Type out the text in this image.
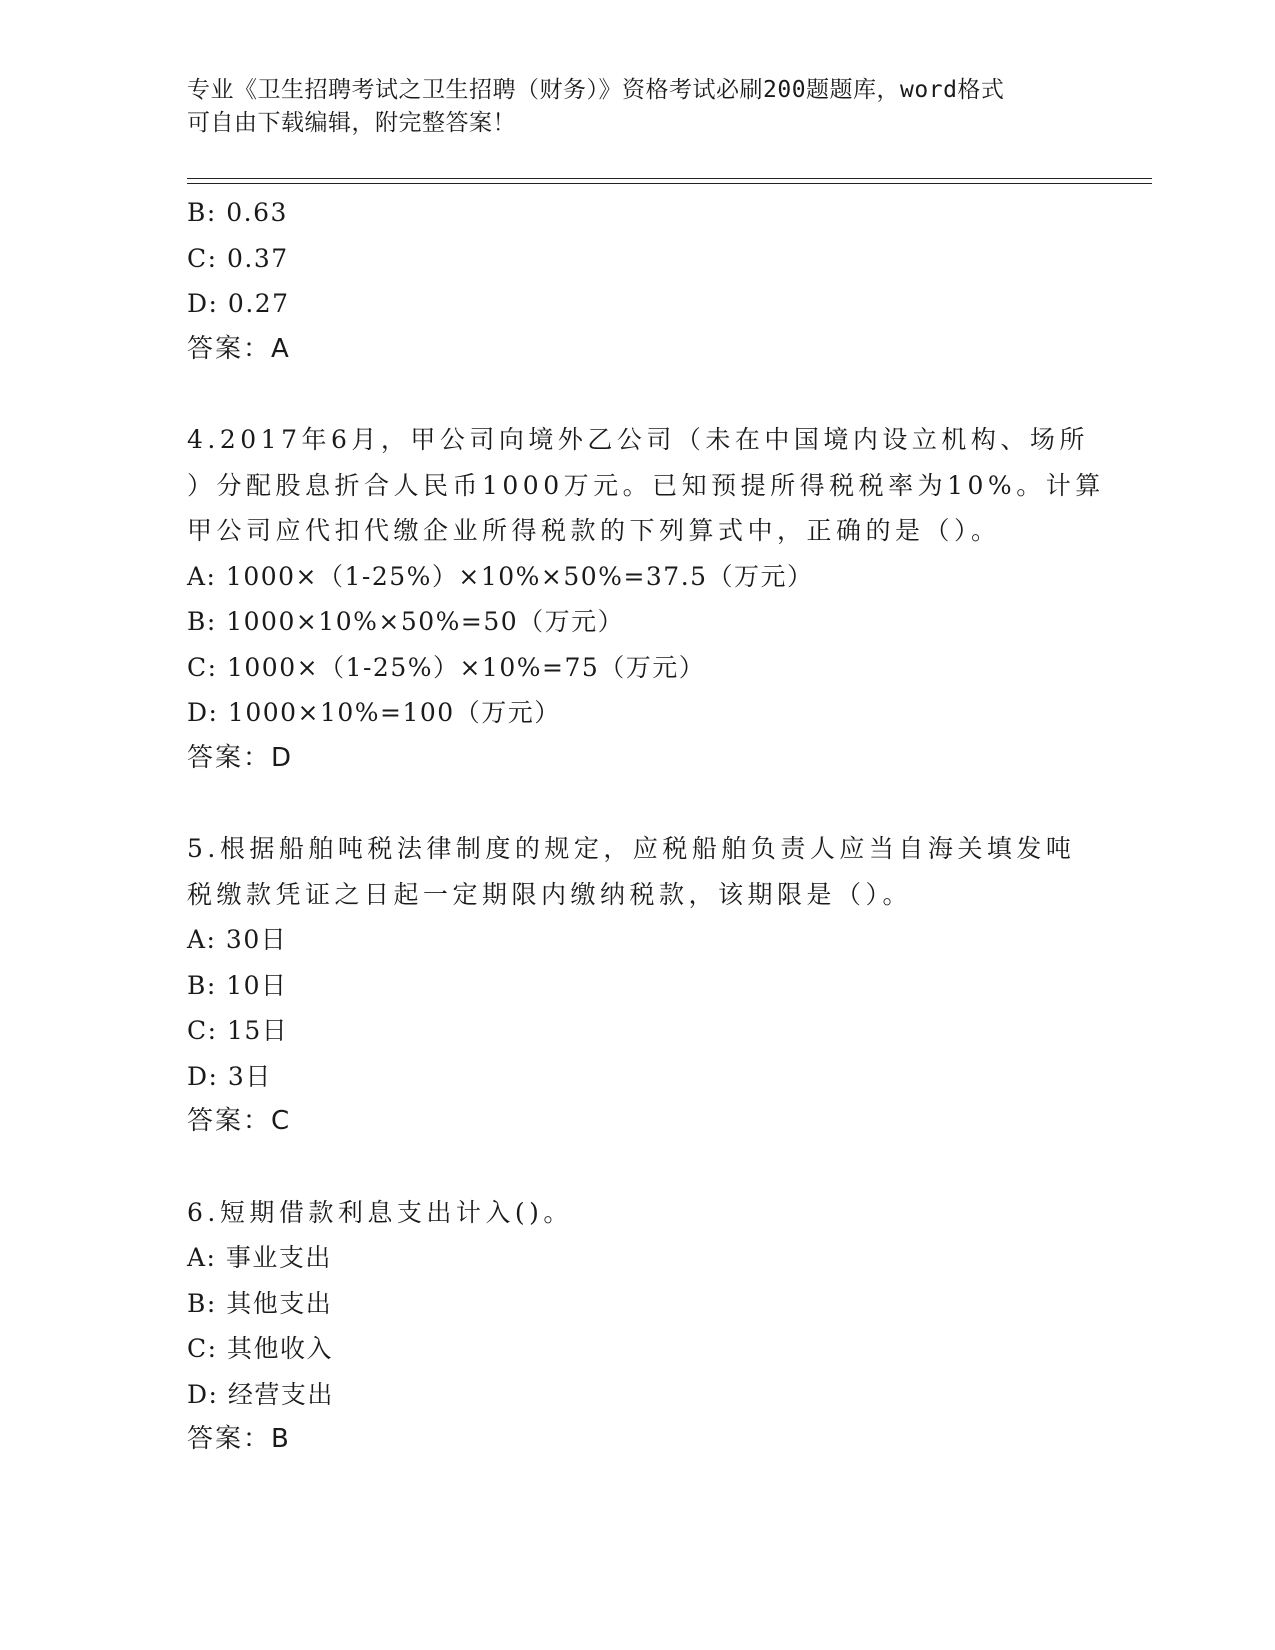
专业《卫生招聘考试之卫生招聘（财务）》资格考试必刷200题题库，word格式
可自由下载编辑，附完整答案！
B: 0.63
C: 0.37
D: 0.27
答案：A
4.2017年6月，甲公司向境外乙公司（未在中国境内设立机构、场所
）分配股息折合人民币1000万元。已知预提所得税税率为10%。计算
甲公司应代扣代缴企业所得税款的下列算式中，正确的是（）。
A: 1000×（1-25%）×10%×50%=37.5（万元）
B: 1000×10%×50%=50（万元）
C: 1000×（1-25%）×10%=75（万元）
D: 1000×10%=100（万元）
答案：D
5.根据船舶吨税法律制度的规定，应税船舶负责人应当自海关填发吨
税缴款凭证之日起一定期限内缴纳税款，该期限是（）。
A: 30日
B: 10日
C: 15日
D: 3日
答案：C
6.短期借款利息支出计入()。
A: 事业支出
B: 其他支出
C: 其他收入
D: 经营支出
答案：B
